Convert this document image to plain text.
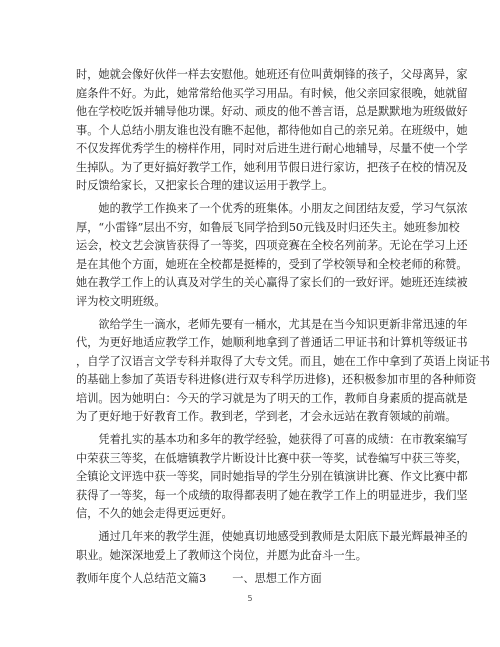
时，她就会像好伙伴一样去安慰他。她班还有位叫黄炯锋的孩子，父母离异，家
庭条件不好。为此，她常常给他买学习用品。有时候，他父亲回家很晚，她就留
他在学校吃饭并辅导他功课。好动、顽皮的他不善言语，总是默默地为班级做好
事。个人总结小朋友谁也没有瞧不起他，都待他如自己的亲兄弟。在班级中，她
不仅发挥优秀学生的榜样作用，同时对后进生进行耐心地辅导，尽量不使一个学
生掉队。为了更好搞好教学工作，她利用节假日进行家访，把孩子在校的情况及
时反馈给家长，又把家长合理的建议运用于教学上。
她的教学工作换来了一个优秀的班集体。小朋友之间团结友爱，学习气氛浓
厚，“小雷锋”层出不穷，如鲁辰飞同学拾到50元钱及时归还失主。她班参加校
运会，校文艺会演皆获得了一等奖，四项竞赛在全校名列前茅。无论在学习上还
是在其他个方面，她班在全校都是挺棒的，受到了学校领导和全校老师的称赞。
她在教学工作上的认真及对学生的关心赢得了家长们的一致好评。她班还连续被
评为校文明班级。
欲给学生一滴水，老师先要有一桶水，尤其是在当今知识更新非常迅速的年
代，为更好地适应教学工作，她顺利地拿到了普通话二甲证书和计算机等级证书
，自学了汉语言文学专科并取得了大专文凭。而且，她在工作中拿到了英语上岗证书
的基础上参加了英语专科进修(进行双专科学历进修)，还积极参加市里的各种师资
培训。因为她明白：今天的学习就是为了明天的工作，教师自身素质的提高就是
为了更好地于好教育工作。教到老，学到老，才会永远站在教育领域的前端。
凭着扎实的基本功和多年的教学经验，她获得了可喜的成绩：在市教案编写
中荣获三等奖，在低塘镇教学片断设计比赛中获一等奖，试卷编写中获三等奖，
全镇论文评选中获一等奖，同时她指导的学生分别在镇演讲比赛、作文比赛中都
获得了一等奖，每一个成绩的取得都表明了她在教学工作上的明显进步，我们坚
信，不久的她会走得更远更好。
通过几年来的教学生涯，使她真切地感受到教师是太阳底下最光辉最神圣的
职业。她深深地爱上了教师这个岗位，并愿为此奋斗一生。
教师年度个人总结范文篇3 一、思想工作方面
5
